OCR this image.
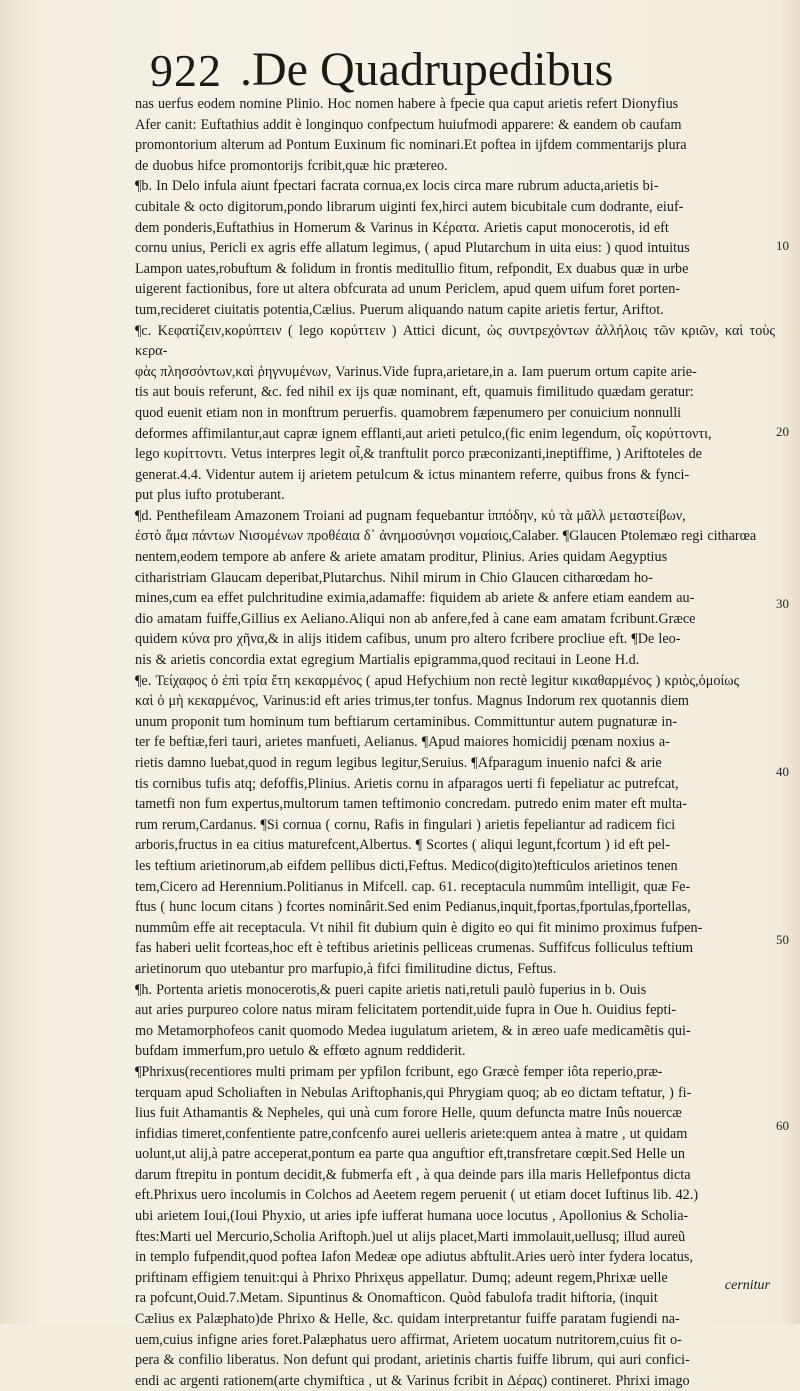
922 .De Quadrupedibus

nas uerfus eodem nomine Plinio. Hoc nomen habere à fpecie qua caput arietis refert Dionyfius

Afer canit: Euftathius addit è longinquo confpectum huiufmodi apparere: & eandem ob caufam

promontorium alterum ad Pontum Euxinum fic nominari.Et poftea in ijfdem commentarijs plura

de duobus hifce promontorijs fcribit,quæ hic prætereo.

¶b. In Delo infula aiunt fpectari facrata cornua,ex locis circa mare rubrum aducta,arietis bi-

cubitale & octo digitorum,pondo librarum uiginti fex,hirci autem bicubitale cum dodrante, eiuf-

dem ponderis,Euftathius in Homerum & Varinus in Κέρατα. Arietis caput monocerotis, id eft

cornu unius, Pericli ex agris effe allatum legimus, ( apud Plutarchum in uita eius: ) quod intuitus

Lampon uates,robuftum & folidum in frontis meditullio fitum, refpondit, Ex duabus quæ in urbe

uigerent factionibus, fore ut altera obfcurata ad unum Periclem, apud quem uifum foret porten-

tum,recideret ciuitatis potentia,Cælius. Puerum aliquando natum capite arietis fertur, Ariftot.

¶c. Κεφατίζειν,κορύπτειν ( lego κορύττειν ) Attici dicunt, ὡς συντρεχόντων ἀλλήλοις τῶν κριῶν, καὶ τοὺς κερα-

φὰς πλησσόντων,καὶ ῥηγνυμένων, Varinus.Vide fupra,arietare,in a. Iam puerum ortum capite arie-

tis aut bouis referunt, &c. fed nihil ex ijs quæ nominant, eft, quamuis fimilitudo quædam geratur:

quod euenit etiam non in monftrum peruerfis. quamobrem fæpenumero per conuicium nonnulli

deformes affimilantur,aut capræ ignem efflanti,aut arieti petulco,(fic enim legendum, οἷς κορύττοντι,

lego κυρίττοντι. Vetus interpres legit οἷ,& tranftulit porco præconizanti,ineptiffime, ) Ariftoteles de

generat.4.4. Videntur autem ij arietem petulcum & ictus minantem referre, quibus frons & fynci-

put plus iufto protuberant.

¶d. Penthefileam Amazonem Troiani ad pugnam fequebantur ἱππόδην, κὐ τὰ μᾶλλ μεταστείβων,

ἐστὸ ἅμα πάντων Νισομένων προθέαια δ᾽ ἀνημοσύνησι νομαίοις,Calaber. ¶Glaucen Ptolemæo regi citharœa

nentem,eodem tempore ab anfere & ariete amatam proditur, Plinius. Aries quidam Aegyptius

citharistriam Glaucam deperibat,Plutarchus. Nihil mirum in Chio Glaucen citharœdam ho-

mines,cum ea effet pulchritudine eximia,adamaffe: fiquidem ab ariete & anfere etiam eandem au-

dio amatam fuiffe,Gillius ex Aeliano.Aliqui non ab anfere,fed à cane eam amatam fcribunt.Græce

quidem κύνα pro χῆνα,& in alijs itidem cafibus, unum pro altero fcribere procliue eft. ¶De leo-

nis & arietis concordia extat egregium Martialis epigramma,quod recitaui in Leone H.d.

¶e. Τείχαφος ὁ ἐπὶ τρία ἔτη κεκαρμένος ( apud Hefychium non rectè legitur κικαθαρμένος ) κριὸς,ὁμοίως

καὶ ὁ μὴ κεκαρμένος, Varinus:id eft aries trimus,ter tonfus. Magnus Indorum rex quotannis diem

unum proponit tum hominum tum beftiarum certaminibus. Committuntur autem pugnaturæ in-

ter fe beftiæ,feri tauri, arietes manfueti, Aelianus. ¶Apud maiores homicidij pœnam noxius a-

rietis damno luebat,quod in regum legibus legitur,Seruius. ¶Afparagum inueniο nafci & arie

tis cornibus tufis atq; defoffis,Plinius. Arietis cornu in afparagos uerti fi fepeliatur ac putrefcat,

tametfi non fum expertus,multorum tamen teftimonio concredam. putredo enim mater eft multa-

rum rerum,Cardanus. ¶Si cornua ( cornu, Rafis in fingulari ) arietis fepeliantur ad radicem fici

arboris,fructus in ea citius maturefcent,Albertus. ¶ Scortes ( aliqui legunt,fcortum ) id eft pel-

les teftium arietinorum,ab eifdem pellibus dicti,Feftus. Medico(digito)tefticulos arietinos tenen

tem,Cicero ad Herennium.Politianus in Mifcell. cap. 61. receptacula nummûm intelligit, quæ Fe-

ftus ( hunc locum citans ) fcortes nominârit.Sed enim Pedianus,inquit,fportas,fportulas,fportellas,

nummûm effe ait receptacula. Vt nihil fit dubium quin è digito eo qui fit minimo proximus fufpen-

fas haberi uelit fcorteas,hoc eft è teftibus arietinis pelliceas crumenas. Suffifcus folliculus teftium

arietinorum quo utebantur pro marfupio,à fifci fimilitudine dictus, Feftus.

¶h. Portenta arietis monocerotis,& pueri capite arietis nati,retuli paulò fuperius in b. Ouis

aut aries purpureo colore natus miram felicitatem portendit,uide fupra in Oue h. Ouidius fepti-

mo Metamorphofeos canit quomodo Medea iugulatum arietem, & in æreo uafe medicamẽtis qui-

bufdam immerfum,pro uetulo & effœto agnum reddiderit.

¶Phrixus(recentiores multi primam per ypfilon fcribunt, ego Græcè femper iôta reperio,præ-

terquam apud Scholiaften in Nebulas Ariftophanis,qui Phrygiam quoq; ab eo dictam teftatur, ) fi-

lius fuit Athamantis & Nepheles, qui unà cum forore Helle, quum defuncta matre Inûs nouercæ

infidias timeret,confentiente patre,confcenfo aurei uelleris ariete:quem antea à matre , ut quidam

uolunt,ut alij,à patre acceperat,pontum ea parte qua anguftior eft,transfretare cœpit.Sed Helle un

darum ftrepitu in pontum decidit,& fubmerfa eft , à qua deinde pars illa maris Hellefpontus dicta

eft.Phrixus uero incolumis in Colchos ad Aeetem regem peruenit ( ut etiam docet Iuftinus lib. 42.)

ubi arietem Ioui,(Ioui Phyxio, ut aries ipfe iufferat humana uoce locutus , Apollonius & Scholia-

ftes:Marti uel Mercurio,Scholia Ariftoph.)uel ut alijs placet,Marti immolauit,uellusq; illud aureũ

in templo fufpendit,quod poftea Iafon Medeæ ope adiutus abftulit.Aries uerò inter fydera locatus,

priftinam effigiem tenuit:qui à Phrixo Phrixęus appellatur. Dumq; adeunt regem,Phrixæ uelle

ra pofcunt,Ouid.7.Metam. Sipuntinus & Onomafticon. Quòd fabulofa tradit hiftoria, (inquit

Cælius ex Palæphato)de Phrixo & Helle, &c. quidam interpretantur fuiffe paratam fugiendi na-

uem,cuius infigne aries foret.Palæphatus uero affirmat, Arietem uocatum nutritorem,cuius fit o-

pera & confilio liberatus. Non defunt qui prodant, arietinis chartis fuiffe librum, qui auri confici-

endi ac argenti rationem(arte chymiftica , ut & Varinus fcribit in Δέρας) contineret. Phrixi imago

10
20
30
40
50
60
cernitur
